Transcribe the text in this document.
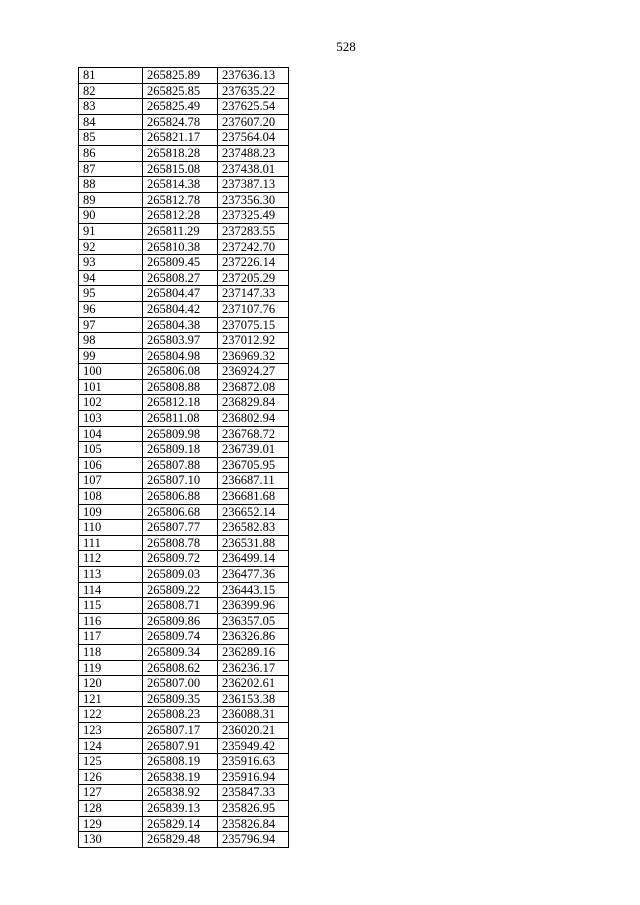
528
81	265825.89	237636.13
82	265825.85	237635.22
83	265825.49	237625.54
84	265824.78	237607.20
85	265821.17	237564.04
86	265818.28	237488.23
87	265815.08	237438.01
88	265814.38	237387.13
89	265812.78	237356.30
90	265812.28	237325.49
91	265811.29	237283.55
92	265810.38	237242.70
93	265809.45	237226.14
94	265808.27	237205.29
95	265804.47	237147.33
96	265804.42	237107.76
97	265804.38	237075.15
98	265803.97	237012.92
99	265804.98	236969.32
100	265806.08	236924.27
101	265808.88	236872.08
102	265812.18	236829.84
103	265811.08	236802.94
104	265809.98	236768.72
105	265809.18	236739.01
106	265807.88	236705.95
107	265807.10	236687.11
108	265806.88	236681.68
109	265806.68	236652.14
110	265807.77	236582.83
111	265808.78	236531.88
112	265809.72	236499.14
113	265809.03	236477.36
114	265809.22	236443.15
115	265808.71	236399.96
116	265809.86	236357.05
117	265809.74	236326.86
118	265809.34	236289.16
119	265808.62	236236.17
120	265807.00	236202.61
121	265809.35	236153.38
122	265808.23	236088.31
123	265807.17	236020.21
124	265807.91	235949.42
125	265808.19	235916.63
126	265838.19	235916.94
127	265838.92	235847.33
128	265839.13	235826.95
129	265829.14	235826.84
130	265829.48	235796.94
